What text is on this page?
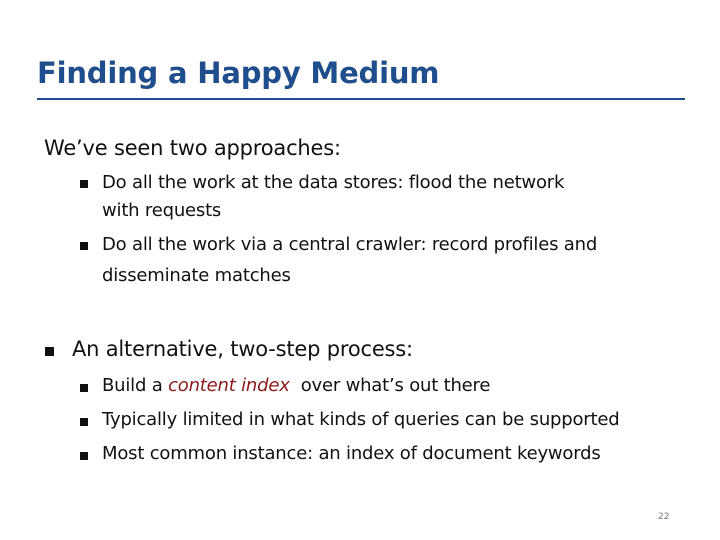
Finding a Happy Medium
We’ve seen two approaches:
Do all the work at the data stores: flood the network
with requests
Do all the work via a central crawler: record profiles and
disseminate matches
An alternative, two-step process:
Build a content index  over what’s out there
Typically limited in what kinds of queries can be supported
Most common instance: an index of document keywords
22
